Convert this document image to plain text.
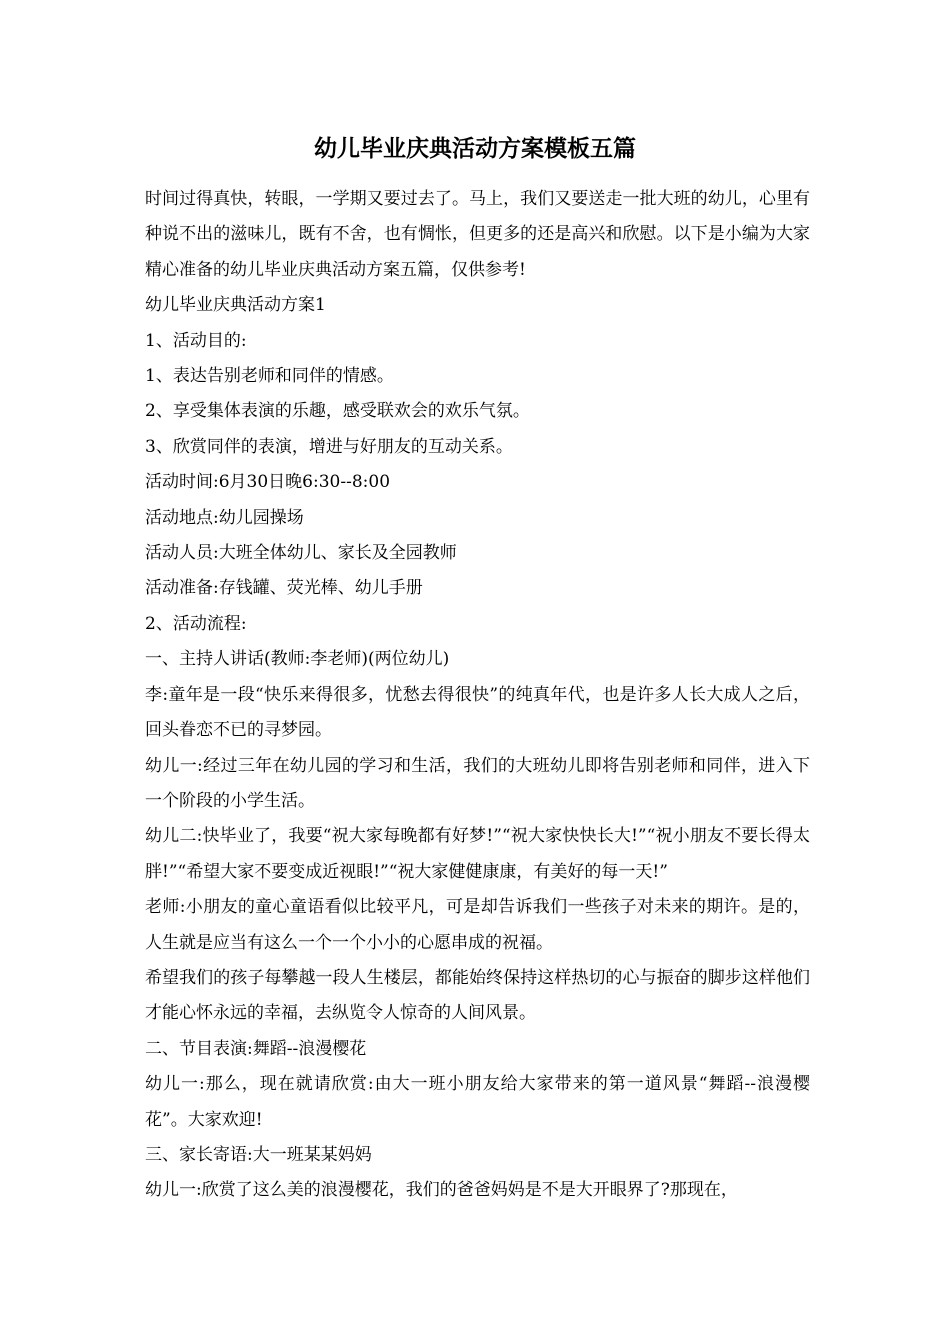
幼儿毕业庆典活动方案模板五篇

时间过得真快，转眼，一学期又要过去了。马上，我们又要送走一批大班的幼儿，心里有种说不出的滋味儿，既有不舍，也有惆怅，但更多的还是高兴和欣慰。以下是小编为大家精心准备的幼儿毕业庆典活动方案五篇，仅供参考!

幼儿毕业庆典活动方案1

1、活动目的:

1、表达告别老师和同伴的情感。

2、享受集体表演的乐趣，感受联欢会的欢乐气氛。

3、欣赏同伴的表演，增进与好朋友的互动关系。

活动时间:6月30日晚6:30--8:00

活动地点:幼儿园操场

活动人员:大班全体幼儿、家长及全园教师

活动准备:存钱罐、荧光棒、幼儿手册

2、活动流程:

一、主持人讲话(教师:李老师)(两位幼儿)

李:童年是一段“快乐来得很多，忧愁去得很快”的纯真年代，也是许多人长大成人之后，回头眷恋不已的寻梦园。

幼儿一:经过三年在幼儿园的学习和生活，我们的大班幼儿即将告别老师和同伴，进入下一个阶段的小学生活。

幼儿二:快毕业了，我要“祝大家每晚都有好梦!”“祝大家快快长大!”“祝小朋友不要长得太胖!”“希望大家不要变成近视眼!”“祝大家健健康康，有美好的每一天!”

老师:小朋友的童心童语看似比较平凡，可是却告诉我们一些孩子对未来的期许。是的，人生就是应当有这么一个一个小小的心愿串成的祝福。

希望我们的孩子每攀越一段人生楼层，都能始终保持这样热切的心与振奋的脚步这样他们才能心怀永远的幸福，去纵览令人惊奇的人间风景。

二、节目表演:舞蹈--浪漫樱花

幼儿一:那么，现在就请欣赏:由大一班小朋友给大家带来的第一道风景“舞蹈--浪漫樱花”。大家欢迎!

三、家长寄语:大一班某某妈妈

幼儿一:欣赏了这么美的浪漫樱花，我们的爸爸妈妈是不是大开眼界了?那现在，
